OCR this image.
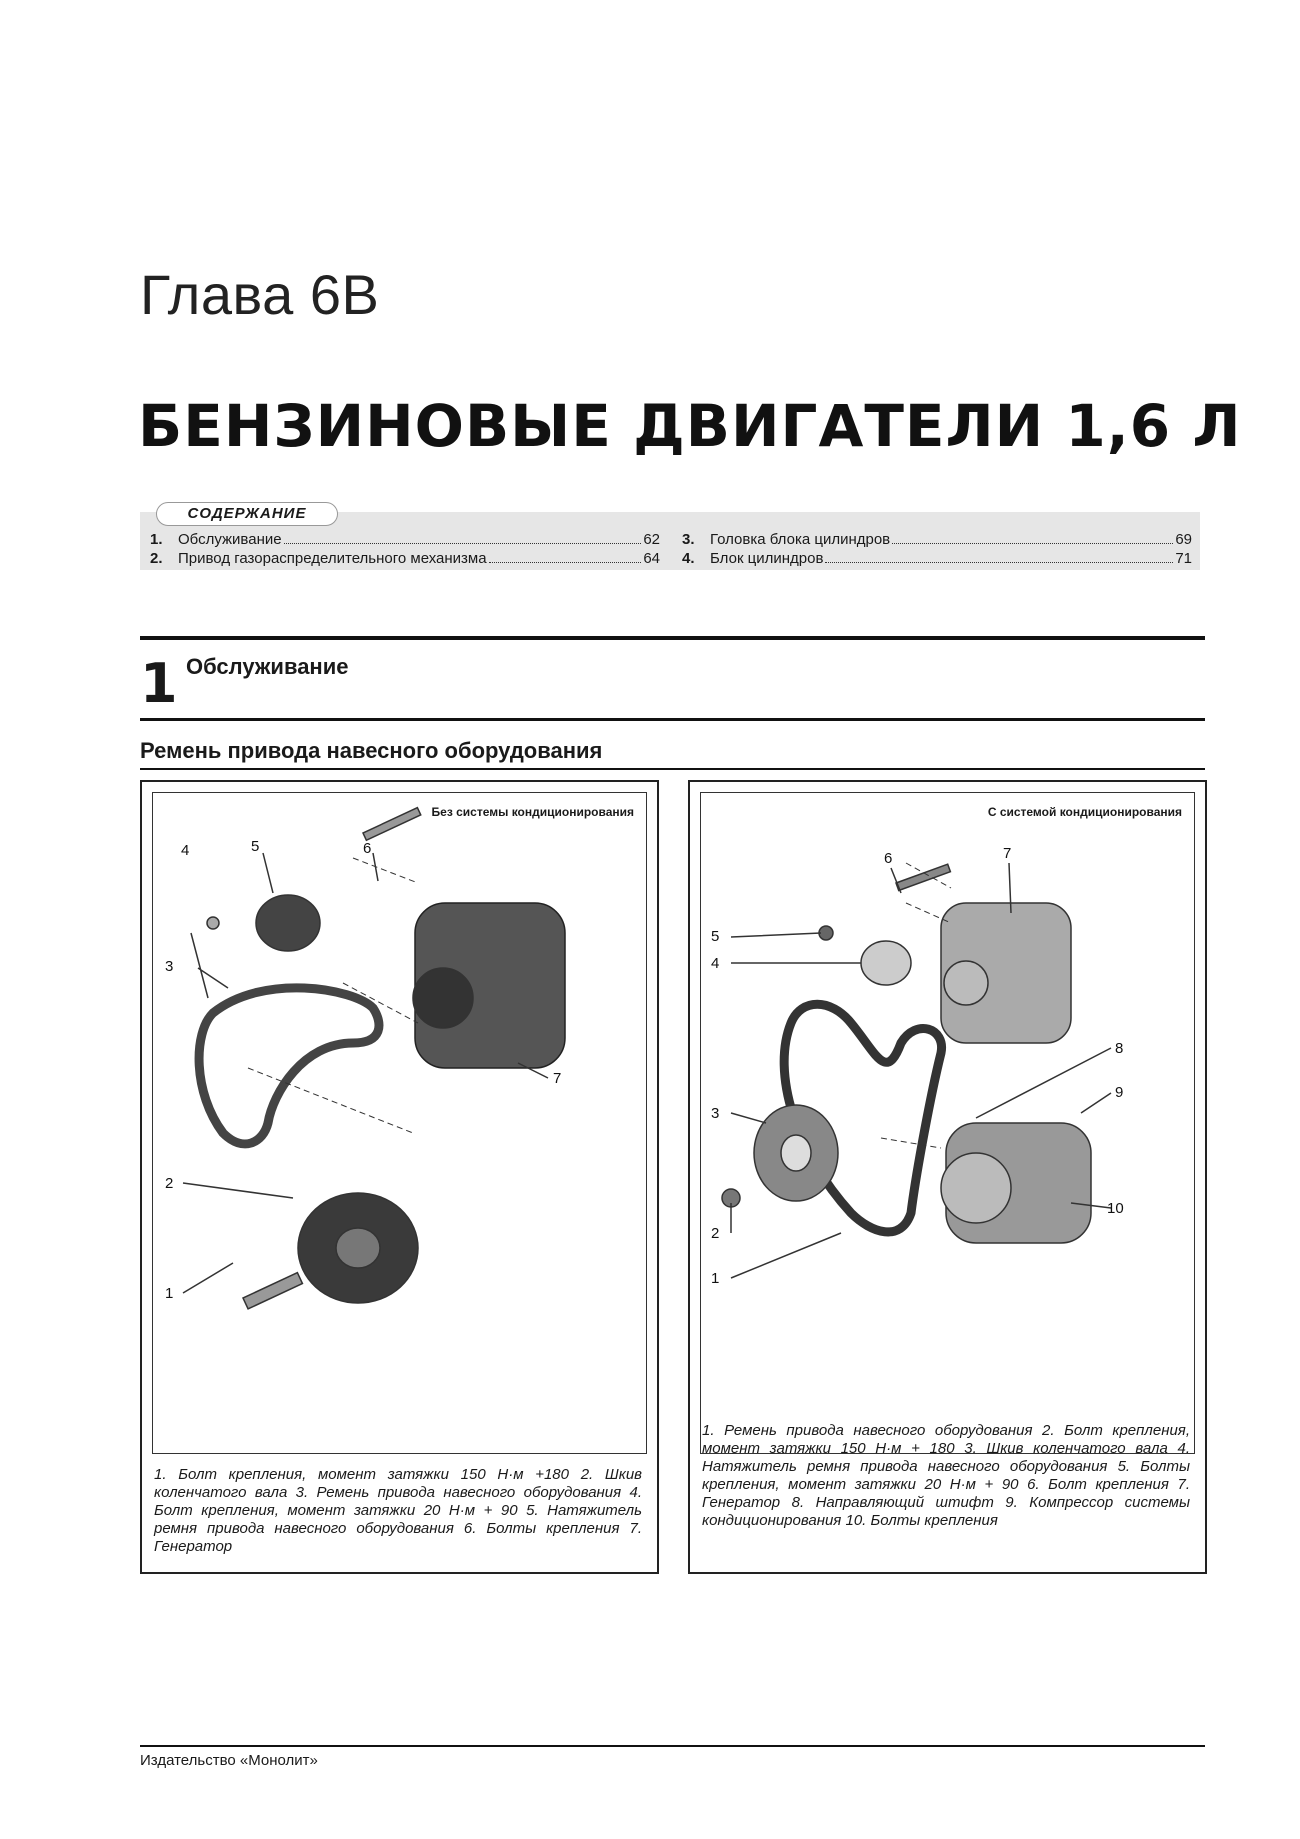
Глава 6B
БЕНЗИНОВЫЕ ДВИГАТЕЛИ 1,6 Л
СОДЕРЖАНИЕ
1.	Обслуживание	62
2.	Привод газораспределительного механизма	64
3.	Головка блока цилиндров	69
4.	Блок цилиндров	71
1 Обслуживание
Ремень привода навесного оборудования
Без системы кондиционирования
1
2
3
4	5	6
7
1. Болт крепления, момент затяжки 150 Н·м +180 2. Шкив коленчатого вала 3. Ремень привода навесного оборудования 4. Болт крепления, момент затяжки 20 Н·м + 90 5. Натяжитель ремня привода навесного оборудования 6. Болты крепления 7. Генератор
С системой кондиционирования
1
2
3
4
5
6	7
8
9
10
1. Ремень привода навесного оборудования 2. Болт крепления, момент затяжки 150 Н·м + 180 3. Шкив коленчатого вала 4. Натяжитель ремня привода навесного оборудования 5. Болты крепления, момент затяжки 20 Н·м + 90 6. Болт крепления 7. Генератор 8. Направляющий штифт 9. Компрессор системы кондиционирования 10. Болты крепления
Издательство «Монолит»
